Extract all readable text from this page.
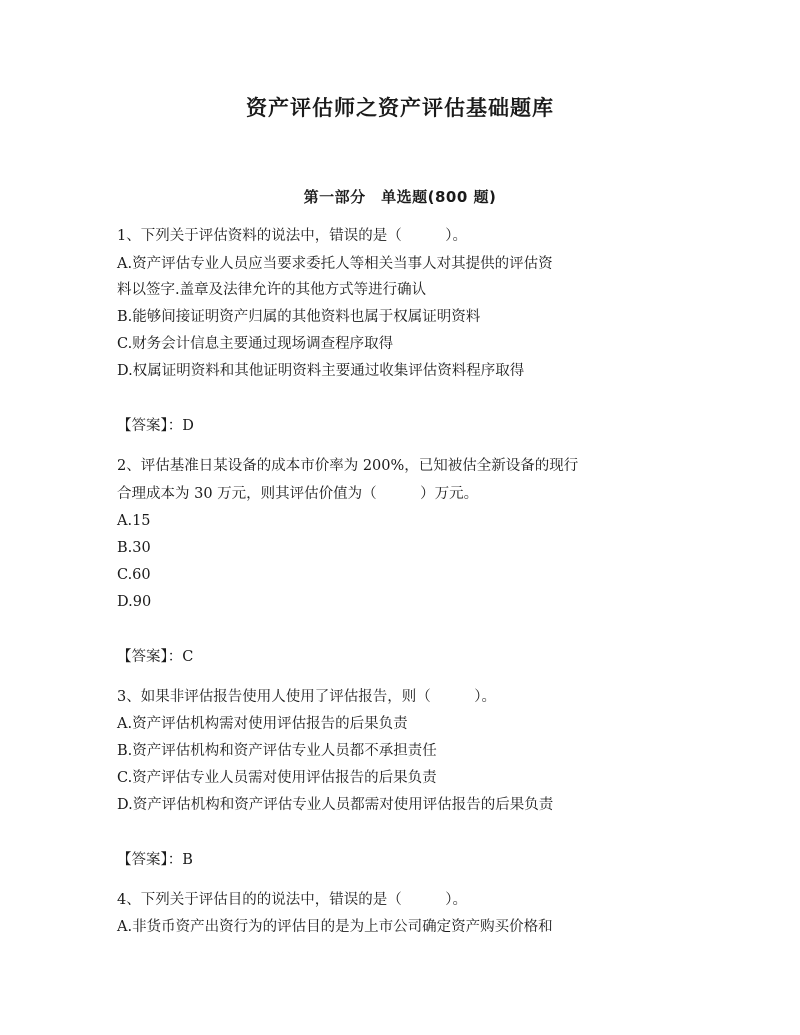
资产评估师之资产评估基础题库
第一部分　单选题(800 题)
1、下列关于评估资料的说法中，错误的是（　　　）。
A.资产评估专业人员应当要求委托人等相关当事人对其提供的评估资
料以签字.盖章及法律允许的其他方式等进行确认
B.能够间接证明资产归属的其他资料也属于权属证明资料
C.财务会计信息主要通过现场调查程序取得
D.权属证明资料和其他证明资料主要通过收集评估资料程序取得
【答案】：D
2、评估基准日某设备的成本市价率为 200%，已知被估全新设备的现行
合理成本为 30 万元，则其评估价值为（　　　）万元。
A.15
B.30
C.60
D.90
【答案】：C
3、如果非评估报告使用人使用了评估报告，则（　　　）。
A.资产评估机构需对使用评估报告的后果负责
B.资产评估机构和资产评估专业人员都不承担责任
C.资产评估专业人员需对使用评估报告的后果负责
D.资产评估机构和资产评估专业人员都需对使用评估报告的后果负责
【答案】：B
4、下列关于评估目的的说法中，错误的是（　　　）。
A.非货币资产出资行为的评估目的是为上市公司确定资产购买价格和
